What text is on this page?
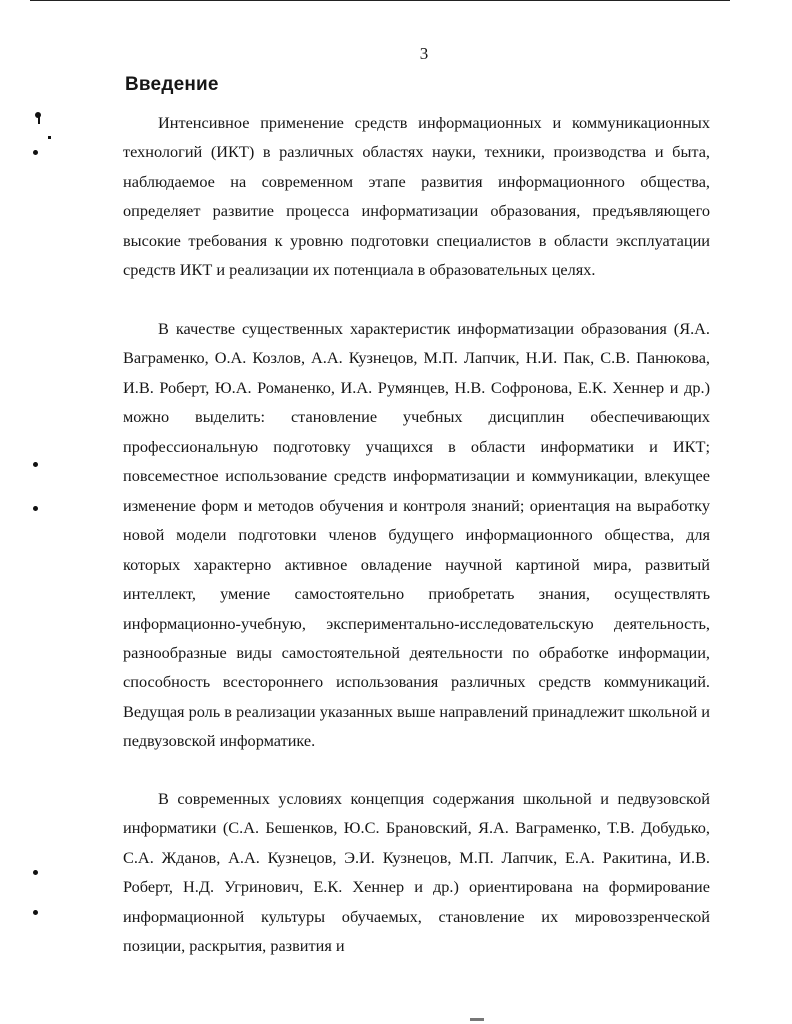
3
Введение

Интенсивное применение средств информационных и коммуникационных технологий (ИКТ) в различных областях науки, техники, производства и быта, наблюдаемое на современном этапе развития информационного общества, определяет развитие процесса информатизации образования, предъявляющего высокие требования к уровню подготовки специалистов в области эксплуатации средств ИКТ и реализации их потенциала в образовательных целях.

В качестве существенных характеристик информатизации образования (Я.А. Ваграменко, О.А. Козлов, А.А. Кузнецов, М.П. Лапчик, Н.И. Пак, С.В. Панюкова, И.В. Роберт, Ю.А. Романенко, И.А. Румянцев, Н.В. Софронова, Е.К. Хеннер и др.) можно выделить: становление учебных дисциплин обеспечивающих профессиональную подготовку учащихся в области информатики и ИКТ; повсеместное использование средств информатизации и коммуникации, влекущее изменение форм и методов обучения и контроля знаний; ориентация на выработку новой модели подготовки членов будущего информационного общества, для которых характерно активное овладение научной картиной мира, развитый интеллект, умение самостоятельно приобретать знания, осуществлять информационно-учебную, экспериментально-исследовательскую деятельность, разнообразные виды самостоятельной деятельности по обработке информации, способность всестороннего использования различных средств коммуникаций. Ведущая роль в реализации указанных выше направлений принадлежит школьной и педвузовской информатике.

В современных условиях концепция содержания школьной и педвузовской информатики (С.А. Бешенков, Ю.С. Брановский, Я.А. Ваграменко, Т.В. Добудько, С.А. Жданов, А.А. Кузнецов, Э.И. Кузнецов, М.П. Лапчик, Е.А. Ракитина, И.В. Роберт, Н.Д. Угринович, Е.К. Хеннер и др.) ориентирована на формирование информационной культуры обучаемых, становление их мировоззренческой позиции, раскрытия, развития и
